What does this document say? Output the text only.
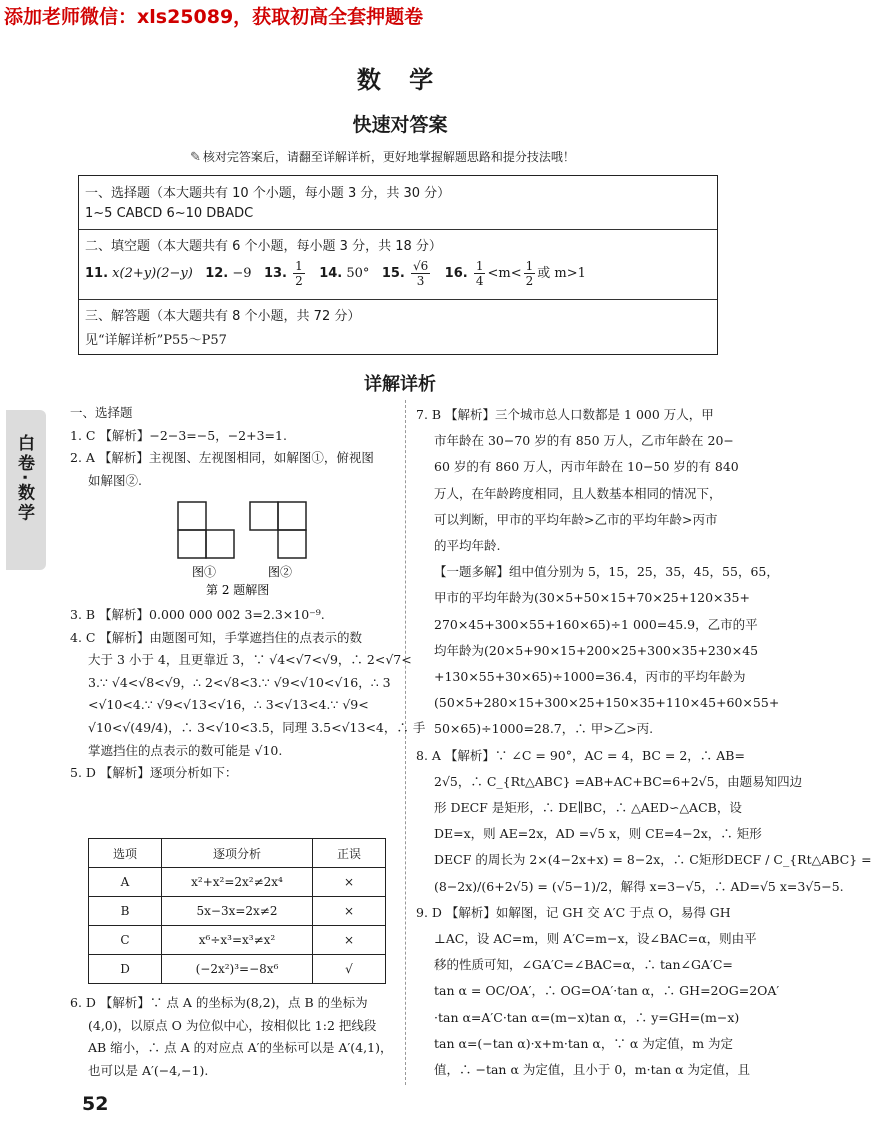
添加老师微信：xls25089，获取初高全套押题卷
数 学
快速对答案
✎ 核对完答案后，请翻至详解详析，更好地掌握解题思路和提分技法哦！
一、选择题（本大题共有 10 个小题，每小题 3 分，共 30 分）
1~5 CABCD 6~10 DBADC
二、填空题（本大题共有 6 个小题，每小题 3 分，共 18 分）
11. x(2+y)(2−y) 12. −9 13. $\frac{1}{2} 14$. 50° 15. $\frac{√6}{3} 16$. $\frac{1}{4} <m< \frac{1}{2}$ 或 m>1
三、解答题（本大题共有 8 个小题，共 72 分）
见“详解详析”P55～P57
详解详析
白卷·数学

一、选择题

1. C 【解析】−2−3=−5，−2+3=1.

2. A 【解析】主视图、左视图相同，如解图①，俯视图

如解图②.

图①	图②
第 2 题解图

3. B 【解析】0.000 000 002 3=2.3×10⁻⁹.

4. C 【解析】由题图可知，手掌遮挡住的点表示的数

大于 3 小于 4，且更靠近 3，∵ √4<√7<√9，∴ 2<√7<

3.∵ √4<√8<√9，∴ 2<√8<3.∵ √9<√10<√16，∴ 3

<√10<4.∵ √9<√13<√16，∴ 3<√13<4.∵ √9<

√10<√(49/4)，∴ 3<√10<3.5，同理 3.5<√13<4，∴ 手

掌遮挡住的点表示的数可能是 √10.

5. D 【解析】逐项分析如下：

选项	逐项分析	正误
A	x²+x²=2x²≠2x⁴	×
B	5x−3x=2x≠2	×
C	x⁶÷x³=x³≠x²	×
D	(−2x²)³=−8x⁶	√

6. D 【解析】∵ 点 A 的坐标为(8,2)，点 B 的坐标为

(4,0)，以原点 O 为位似中心，按相似比 1:2 把线段

AB 缩小，∴ 点 A 的对应点 A′的坐标可以是 A′(4,1)，

也可以是 A′(−4,−1).

7. B 【解析】三个城市总人口数都是 1 000 万人，甲

市年龄在 30−70 岁的有 850 万人，乙市年龄在 20−

60 岁的有 860 万人，丙市年龄在 10−50 岁的有 840

万人，在年龄跨度相同，且人数基本相同的情况下，

可以判断，甲市的平均年龄>乙市的平均年龄>丙市

的平均年龄.

【一题多解】组中值分别为 5，15，25，35，45，55，65，

甲市的平均年龄为(30×5+50×15+70×25+120×35+

270×45+300×55+160×65)÷1 000=45.9，乙市的平

均年龄为(20×5+90×15+200×25+300×35+230×45

+130×55+30×65)÷1000=36.4，丙市的平均年龄为

(50×5+280×15+300×25+150×35+110×45+60×55+

50×65)÷1000=28.7，∴ 甲>乙>丙.

8. A 【解析】∵ ∠C = 90°，AC = 4，BC = 2，∴ AB=

2√5，∴ C_{Rt△ABC} =AB+AC+BC=6+2√5，由题易知四边

形 DECF 是矩形，∴ DE∥BC，∴ △AED∽△ACB，设

DE=x，则 AE=2x，AD =√5 x，则 CE=4−2x，∴ 矩形

DECF 的周长为 2×(4−2x+x) = 8−2x，∴ C矩形DECF / C_{Rt△ABC} =

(8−2x)/(6+2√5) = (√5−1)/2，解得 x=3−√5，∴ AD=√5 x=3√5−5.

9. D 【解析】如解图，记 GH 交 A′C 于点 O，易得 GH

⊥AC，设 AC=m，则 A′C=m−x，设∠BAC=α，则由平

移的性质可知，∠GA′C=∠BAC=α，∴ tan∠GA′C=

tan α = OC/OA′，∴ OG=OA′·tan α，∴ GH=2OG=2OA′

·tan α=A′C·tan α=(m−x)tan α，∴ y=GH=(m−x)

tan α=(−tan α)·x+m·tan α，∵ α 为定值，m 为定

值，∴ −tan α 为定值，且小于 0，m·tan α 为定值，且

52
